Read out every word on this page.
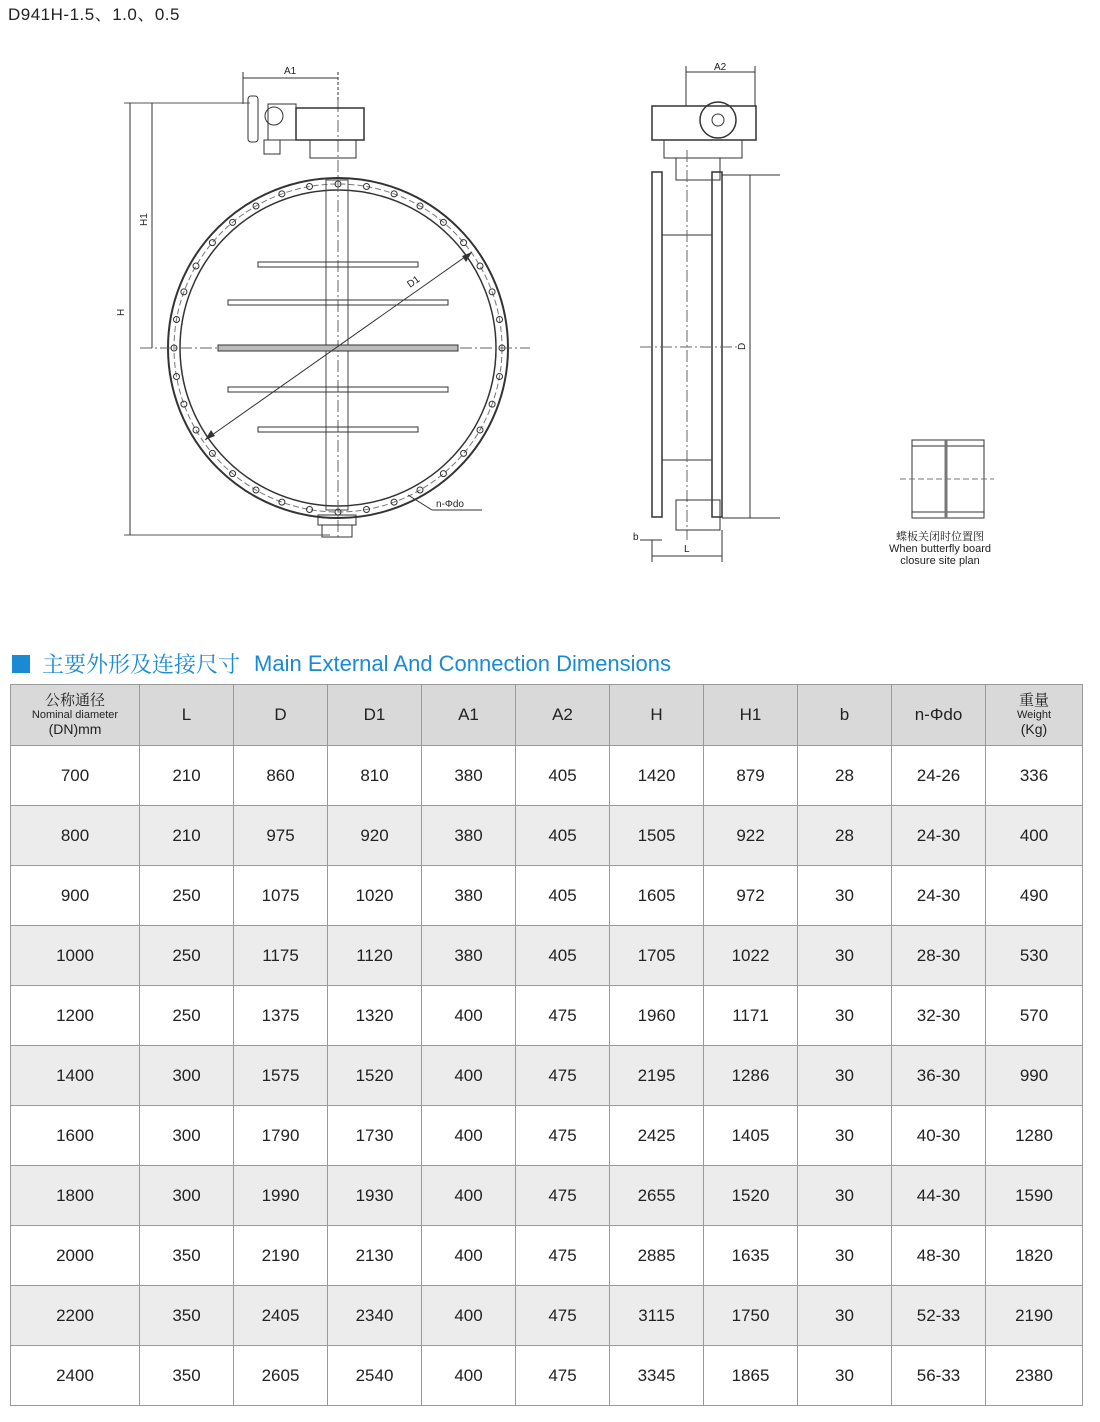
D941H-1.5、1.0、0.5
D1
A1
H
H1
n-Φdo
A2
D
L
b	蝶板关闭时位置图
When butterfly board
closure site plan
主要外形及连接尺寸 Main External And Connection Dimensions
公称通径
Nominal diameter
(DN)mm	L	D	D1	A1	A2	H	H1	b	n-Φdo	重量
Weight
(Kg)

700	210	860	810	380	405	1420	879	28	24-26	336
800	210	975	920	380	405	1505	922	28	24-30	400
900	250	1075	1020	380	405	1605	972	30	24-30	490
1000	250	1175	1120	380	405	1705	1022	30	28-30	530
1200	250	1375	1320	400	475	1960	1171	30	32-30	570
1400	300	1575	1520	400	475	2195	1286	30	36-30	990
1600	300	1790	1730	400	475	2425	1405	30	40-30	1280
1800	300	1990	1930	400	475	2655	1520	30	44-30	1590
2000	350	2190	2130	400	475	2885	1635	30	48-30	1820
2200	350	2405	2340	400	475	3115	1750	30	52-33	2190
2400	350	2605	2540	400	475	3345	1865	30	56-33	2380
